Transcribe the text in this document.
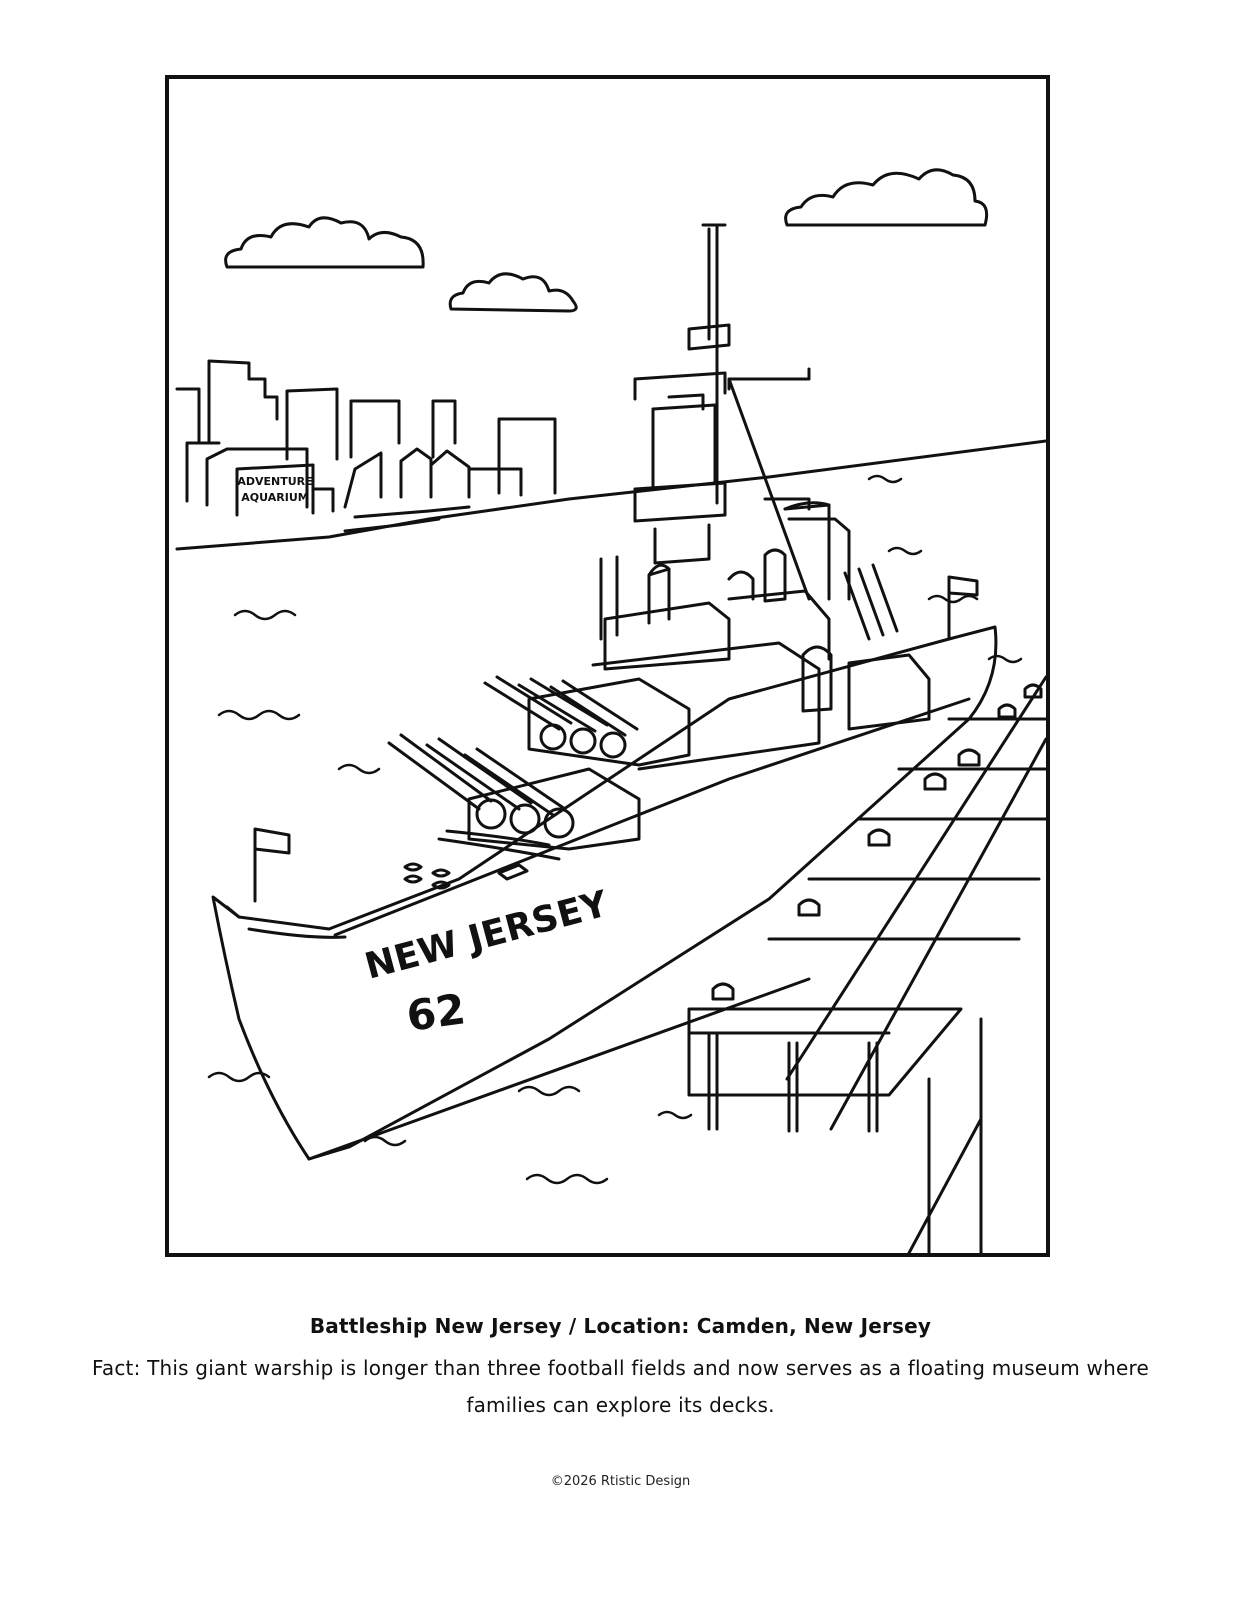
ADVENTURE
AQUARIUM
NEW JERSEY
62
Battleship New Jersey / Location: Camden, New Jersey
Fact: This giant warship is longer than three football fields and now serves as a floating museum where families can explore its decks.
©2026 Rtistic Design
